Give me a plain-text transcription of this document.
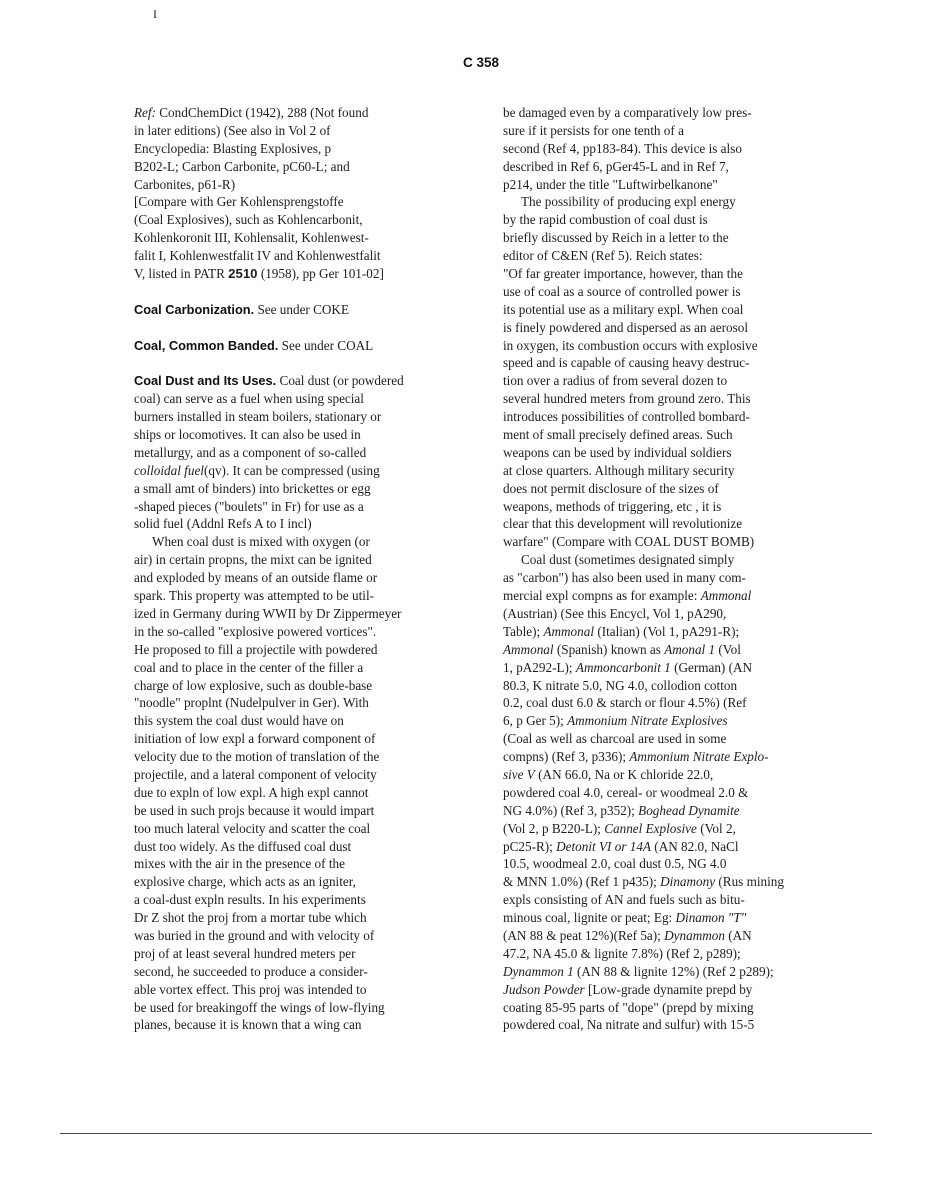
I
C 358
Ref: CondChemDict (1942), 288 (Not found
in later editions) (See also in Vol 2 of
Encyclopedia: Blasting Explosives, p
B202-L; Carbon Carbonite, pC60-L; and
Carbonites, p61-R)
[Compare with Ger Kohlensprengstoffe
(Coal Explosives), such as Kohlencarbonit,
Kohlenkoronit III, Kohlensalit, Kohlenwest-
falit I, Kohlenwestfalit IV and Kohlenwestfalit
V, listed in PATR 2510 (1958), pp Ger 101-02]
Coal Carbonization. See under COKE
Coal, Common Banded. See under COAL
Coal Dust and Its Uses. Coal dust (or powdered
coal) can serve as a fuel when using special
burners installed in steam boilers, stationary or
ships or locomotives. It can also be used in
metallurgy, and as a component of so-called
colloidal fuel(qv). It can be compressed (using
a small amt of binders) into brickettes or egg
-shaped pieces ("boulets" in Fr) for use as a
solid fuel (Addnl Refs A to I incl)
When coal dust is mixed with oxygen (or
air) in certain propns, the mixt can be ignited
and exploded by means of an outside flame or
spark. This property was attempted to be util-
ized in Germany during WWII by Dr Zippermeyer
in the so-called "explosive powered vortices".
He proposed to fill a projectile with powdered
coal and to place in the center of the filler a
charge of low explosive, such as double-base
"noodle" proplnt (Nudelpulver in Ger). With
this system the coal dust would have on
initiation of low expl a forward component of
velocity due to the motion of translation of the
projectile, and a lateral component of velocity
due to expln of low expl. A high expl cannot
be used in such projs because it would impart
too much lateral velocity and scatter the coal
dust too widely. As the diffused coal dust
mixes with the air in the presence of the
explosive charge, which acts as an igniter,
a coal-dust expln results. In his experiments
Dr Z shot the proj from a mortar tube which
was buried in the ground and with velocity of
proj of at least several hundred meters per
second, he succeeded to produce a consider-
able vortex effect. This proj was intended to
be used for breakingoff the wings of low-flying
planes, because it is known that a wing can
be damaged even by a comparatively low pres-
sure if it persists for one tenth of a
second (Ref 4, pp183-84). This device is also
described in Ref 6, pGer45-L and in Ref 7,
p214, under the title "Luftwirbelkanone"
The possibility of producing expl energy
by the rapid combustion of coal dust is
briefly discussed by Reich in a letter to the
editor of C&EN (Ref 5). Reich states:
"Of far greater importance, however, than the
use of coal as a source of controlled power is
its potential use as a military expl. When coal
is finely powdered and dispersed as an aerosol
in oxygen, its combustion occurs with explosive
speed and is capable of causing heavy destruc-
tion over a radius of from several dozen to
several hundred meters from ground zero. This
introduces possibilities of controlled bombard-
ment of small precisely defined areas. Such
weapons can be used by individual soldiers
at close quarters. Although military security
does not permit disclosure of the sizes of
weapons, methods of triggering, etc , it is
clear that this development will revolutionize
warfare" (Compare with COAL DUST BOMB)
Coal dust (sometimes designated simply
as "carbon") has also been used in many com-
mercial expl compns as for example: Ammonal
(Austrian) (See this Encycl, Vol 1, pA290,
Table); Ammonal (Italian) (Vol 1, pA291-R);
Ammonal (Spanish) known as Amonal 1 (Vol
1, pA292-L); Ammoncarbonit 1 (German) (AN
80.3, K nitrate 5.0, NG 4.0, collodion cotton
0.2, coal dust 6.0 & starch or flour 4.5%) (Ref
6, p Ger 5); Ammonium Nitrate Explosives
(Coal as well as charcoal are used in some
compns) (Ref 3, p336); Ammonium Nitrate Explo-
sive V (AN 66.0, Na or K chloride 22.0,
powdered coal 4.0, cereal- or woodmeal 2.0 &
NG 4.0%) (Ref 3, p352); Boghead Dynamite
(Vol 2, p B220-L); Cannel Explosive (Vol 2,
pC25-R); Detonit VI or 14A (AN 82.0, NaCl
10.5, woodmeal 2.0, coal dust 0.5, NG 4.0
& MNN 1.0%) (Ref 1 p435); Dinamony (Rus mining
expls consisting of AN and fuels such as bitu-
minous coal, lignite or peat; Eg: Dinamon "T"
(AN 88 & peat 12%)(Ref 5a); Dynammon (AN
47.2, NA 45.0 & lignite 7.8%) (Ref 2, p289);
Dynammon 1 (AN 88 & lignite 12%) (Ref 2 p289);
Judson Powder [Low-grade dynamite prepd by
coating 85-95 parts of "dope" (prepd by mixing
powdered coal, Na nitrate and sulfur) with 15-5
